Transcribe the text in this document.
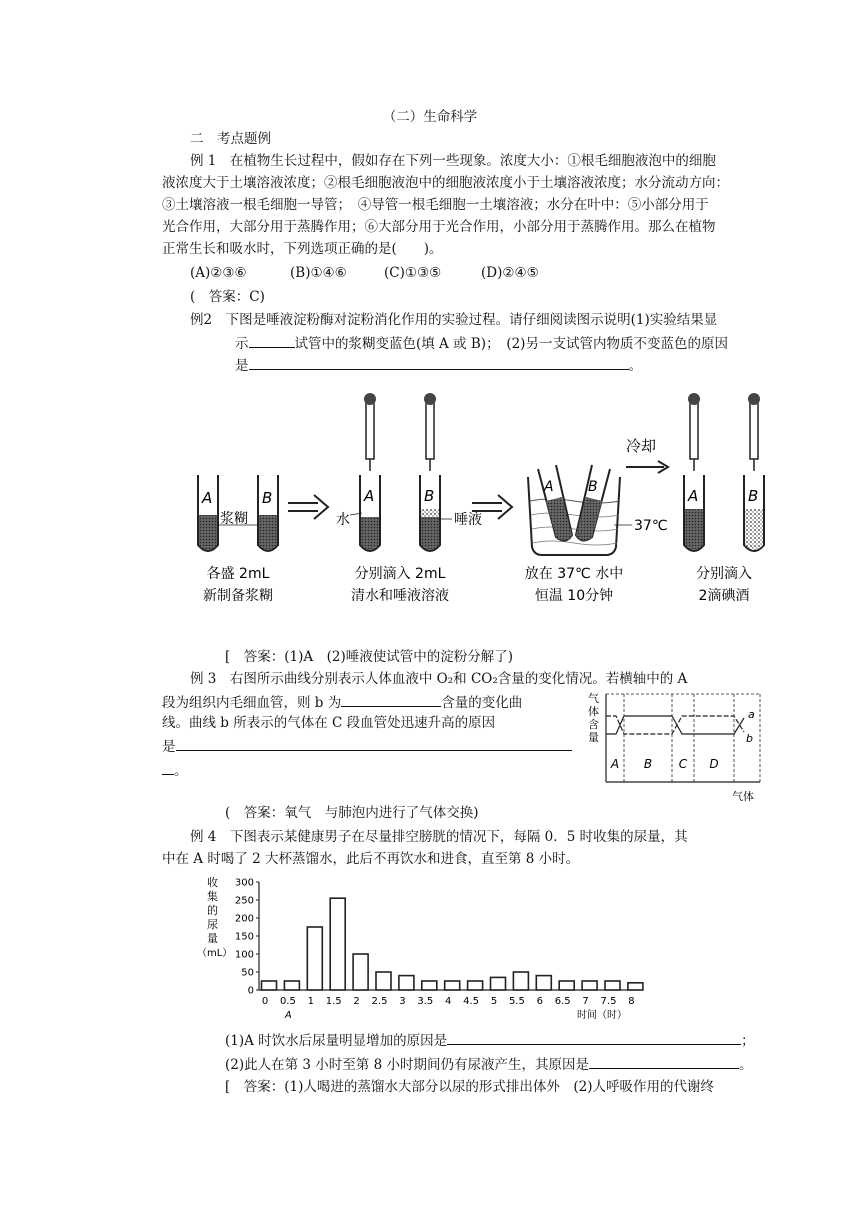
（二）生命科学
二　考点题例
例 1　在植物生长过程中，假如存在下列一些现象。浓度大小：①根毛细胞液泡中的细胞
液浓度大于土壤溶液浓度；②根毛细胞液泡中的细胞液浓度小于土壤溶液浓度；水分流动方向：
③土壤溶液一根毛细胞一导管；　④导管一根毛细胞一土壤溶液；水分在叶中：⑤小部分用于
光合作用，大部分用于蒸腾作用；⑥大部分用于光合作用，小部分用于蒸腾作用。那么在植物
正常生长和吸水时，下列选项正确的是(　　)。
(A)②③⑥	(B)①④⑥	(C)①③⑤	(D)②④⑤
(　答案：C)
例2　下图是唾液淀粉酶对淀粉消化作用的实验过程。请仔细阅读图示说明(1)实验结果显
示	试管中的浆糊变蓝色(填 A 或 B)；　(2)另一支试管内物质不变蓝色的原因
是	。
A	B
浆糊
A	B
水	唾液
A B
37℃
冷却
A	B
各盛 2mL
新制备浆糊
分别滴入 2mL
清水和唾液溶液
放在 37℃ 水中
恒温 10分钟
分别滴入
2滴碘酒
[　答案：(1)A　(2)唾液使试管中的淀粉分解了)
例 3　右图所示曲线分别表示人体血液中 O₂和 CO₂含量的变化情况。若横轴中的 A
段为组织内毛细血管，则 b 为	含量的变化曲
线。曲线 b 所表示的气体在 C 段血管处迅速升高的原因
是
。
气
体
含
量
a
b
A B C D
气体
(　答案：氧气　与肺泡内进行了气体交换)
例 4　下图表示某健康男子在尽量排空膀胱的情况下，每隔 0．5 时收集的尿量，其
中在 A 时喝了 2 大杯蒸馏水，此后不再饮水和进食，直至第 8 小时。
收
集
的
尿
量
（mL）
0
50
100
150
200
250
300
0 0.5 1 1.5 2 2.5 3 3.5 4 4.5 5 5.5 6 6.5 7 7.5 8
A	时间（时）
(1)A 时饮水后尿量明显增加的原因是	；
(2)此人在第 3 小时至第 8 小时期间仍有尿液产生，其原因是	。
[　答案：(1)人喝进的蒸馏水大部分以尿的形式排出体外　(2)人呼吸作用的代谢终
